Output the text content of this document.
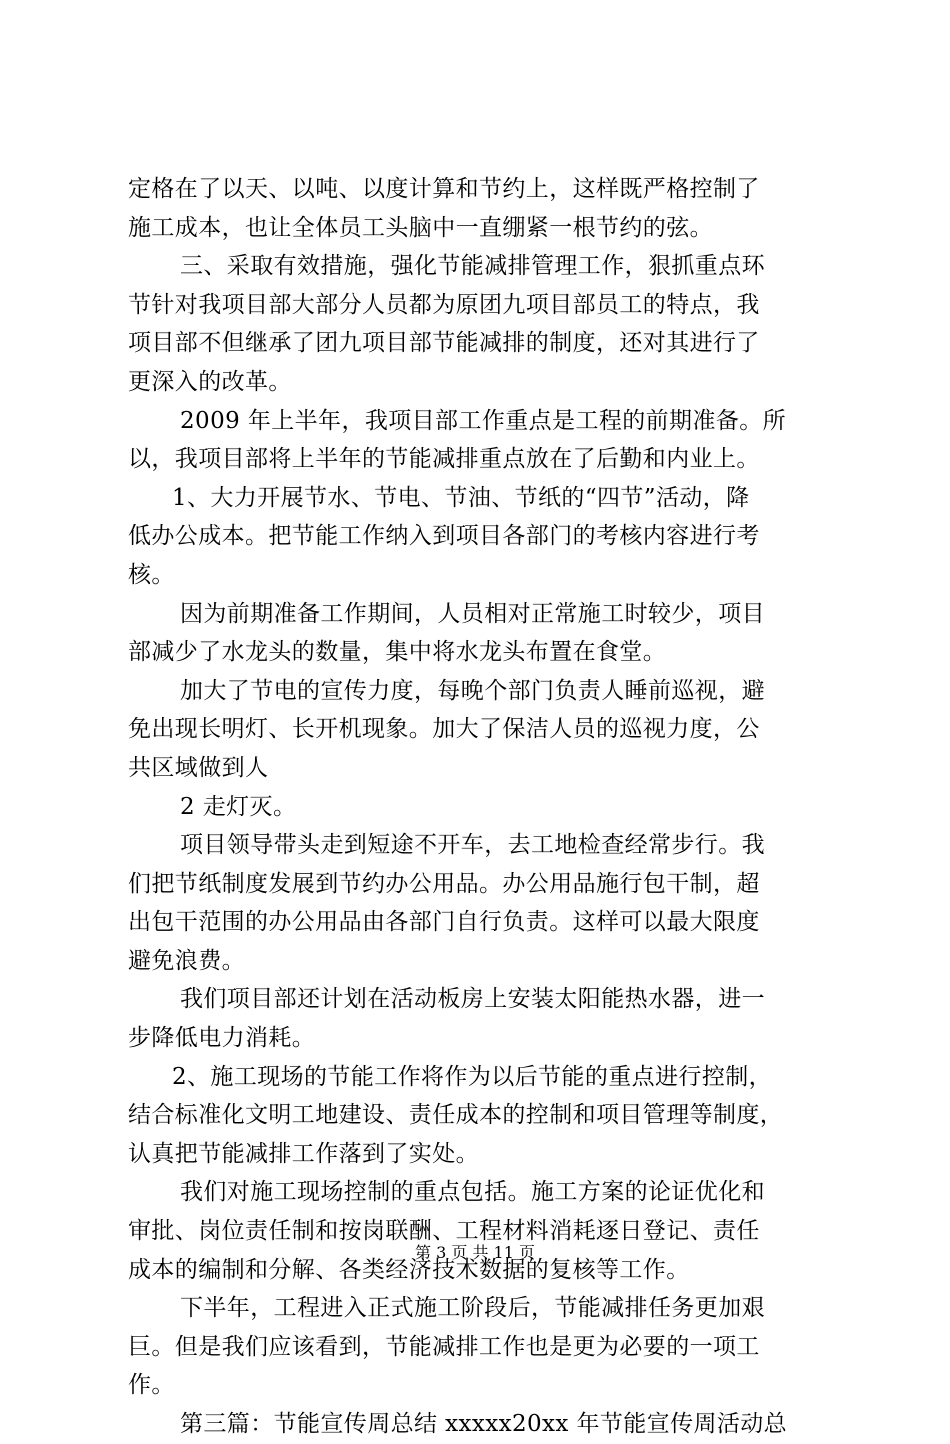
定格在了以天、以吨、以度计算和节约上，这样既严格控制了
施工成本，也让全体员工头脑中一直绷紧一根节约的弦。
三、采取有效措施，强化节能减排管理工作，狠抓重点环
节针对我项目部大部分人员都为原团九项目部员工的特点，我
项目部不但继承了团九项目部节能减排的制度，还对其进行了
更深入的改革。
2009 年上半年，我项目部工作重点是工程的前期准备。所
以，我项目部将上半年的节能减排重点放在了后勤和内业上。
1、大力开展节水、节电、节油、节纸的“四节”活动，降
低办公成本。把节能工作纳入到项目各部门的考核内容进行考
核。
因为前期准备工作期间，人员相对正常施工时较少，项目
部减少了水龙头的数量，集中将水龙头布置在食堂。
加大了节电的宣传力度，每晚个部门负责人睡前巡视，避
免出现长明灯、长开机现象。加大了保洁人员的巡视力度，公
共区域做到人
2 走灯灭。
项目领导带头走到短途不开车，去工地检查经常步行。我
们把节纸制度发展到节约办公用品。办公用品施行包干制，超
出包干范围的办公用品由各部门自行负责。这样可以最大限度
避免浪费。
我们项目部还计划在活动板房上安装太阳能热水器，进一
步降低电力消耗。
2、施工现场的节能工作将作为以后节能的重点进行控制，
结合标准化文明工地建设、责任成本的控制和项目管理等制度，
认真把节能减排工作落到了实处。
我们对施工现场控制的重点包括。施工方案的论证优化和
审批、岗位责任制和按岗联酬、工程材料消耗逐日登记、责任
成本的编制和分解、各类经济技术数据的复核等工作。
下半年，工程进入正式施工阶段后，节能减排任务更加艰
巨。但是我们应该看到，节能减排工作也是更为必要的一项工
作。
第三篇：节能宣传周总结 xxxxx20xx 年节能宣传周活动总
第 3 页 共 11 页
